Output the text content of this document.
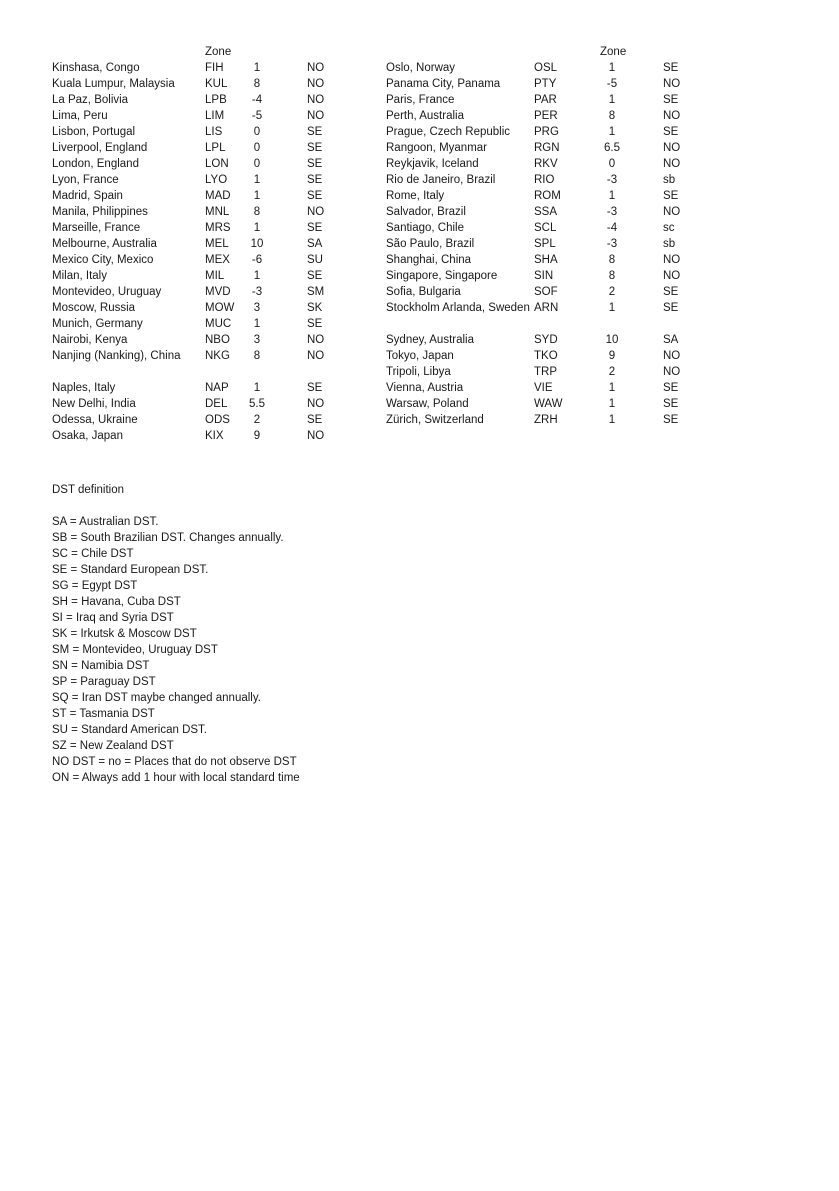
Zone
Kinshasa, Congo	FIH	1	NO
Kuala Lumpur, Malaysia	KUL	8	NO
La Paz, Bolivia	LPB	-4	NO
Lima, Peru	LIM	-5	NO
Lisbon, Portugal	LIS	0	SE
Liverpool, England	LPL	0	SE
London, England	LON	0	SE
Lyon, France	LYO	1	SE
Madrid, Spain	MAD	1	SE
Manila, Philippines	MNL	8	NO
Marseille, France	MRS	1	SE
Melbourne, Australia	MEL	10	SA
Mexico City, Mexico	MEX	-6	SU
Milan, Italy	MIL	1	SE
Montevideo, Uruguay	MVD	-3	SM
Moscow, Russia	MOW	3	SK
Munich, Germany	MUC	1	SE
Nairobi, Kenya	NBO	3	NO
Nanjing (Nanking), China	NKG	8	NO
Naples, Italy	NAP	1	SE
New Delhi, India	DEL 5.5	NO
Odessa, Ukraine	ODS	2	SE
Osaka, Japan	KIX	9	NO
Zone
Oslo, Norway	OSL	1	SE
Panama City, Panama	PTY	-5	NO
Paris, France	PAR	1	SE
Perth, Australia	PER	8	NO
Prague, Czech Republic PRG	1	SE
Rangoon, Myanmar	RGN	6.5	NO
Reykjavik, Iceland	RKV	0	NO
Rio de Janeiro, Brazil	RIO	-3	sb
Rome, Italy	ROM	1	SE
Salvador, Brazil	SSA	-3	NO
Santiago, Chile	SCL	-4	sc
São Paulo, Brazil	SPL	-3	sb
Shanghai, China	SHA	8	NO
Singapore, Singapore	SIN	8	NO
Sofia, Bulgaria	SOF	2	SE
Stockholm Arlanda, Sweden ARN	1	SE
Sydney, Australia	SYD	10	SA
Tokyo, Japan	TKO	9	NO
Tripoli, Libya	TRP	2	NO
Vienna, Austria	VIE	1	SE
Warsaw, Poland	WAW	1	SE
Zürich, Switzerland	ZRH	1	SE
DST definition
SA = Australian DST.
SB = South Brazilian DST. Changes annually.
SC = Chile DST
SE = Standard European DST.
SG = Egypt DST
SH = Havana, Cuba DST
SI = Iraq and Syria DST
SK = Irkutsk & Moscow DST
SM = Montevideo, Uruguay DST
SN = Namibia DST
SP = Paraguay DST
SQ = Iran DST maybe changed annually.
ST = Tasmania DST
SU = Standard American DST.
SZ = New Zealand DST
NO DST = no = Places that do not observe DST
ON = Always add 1 hour with local standard time
